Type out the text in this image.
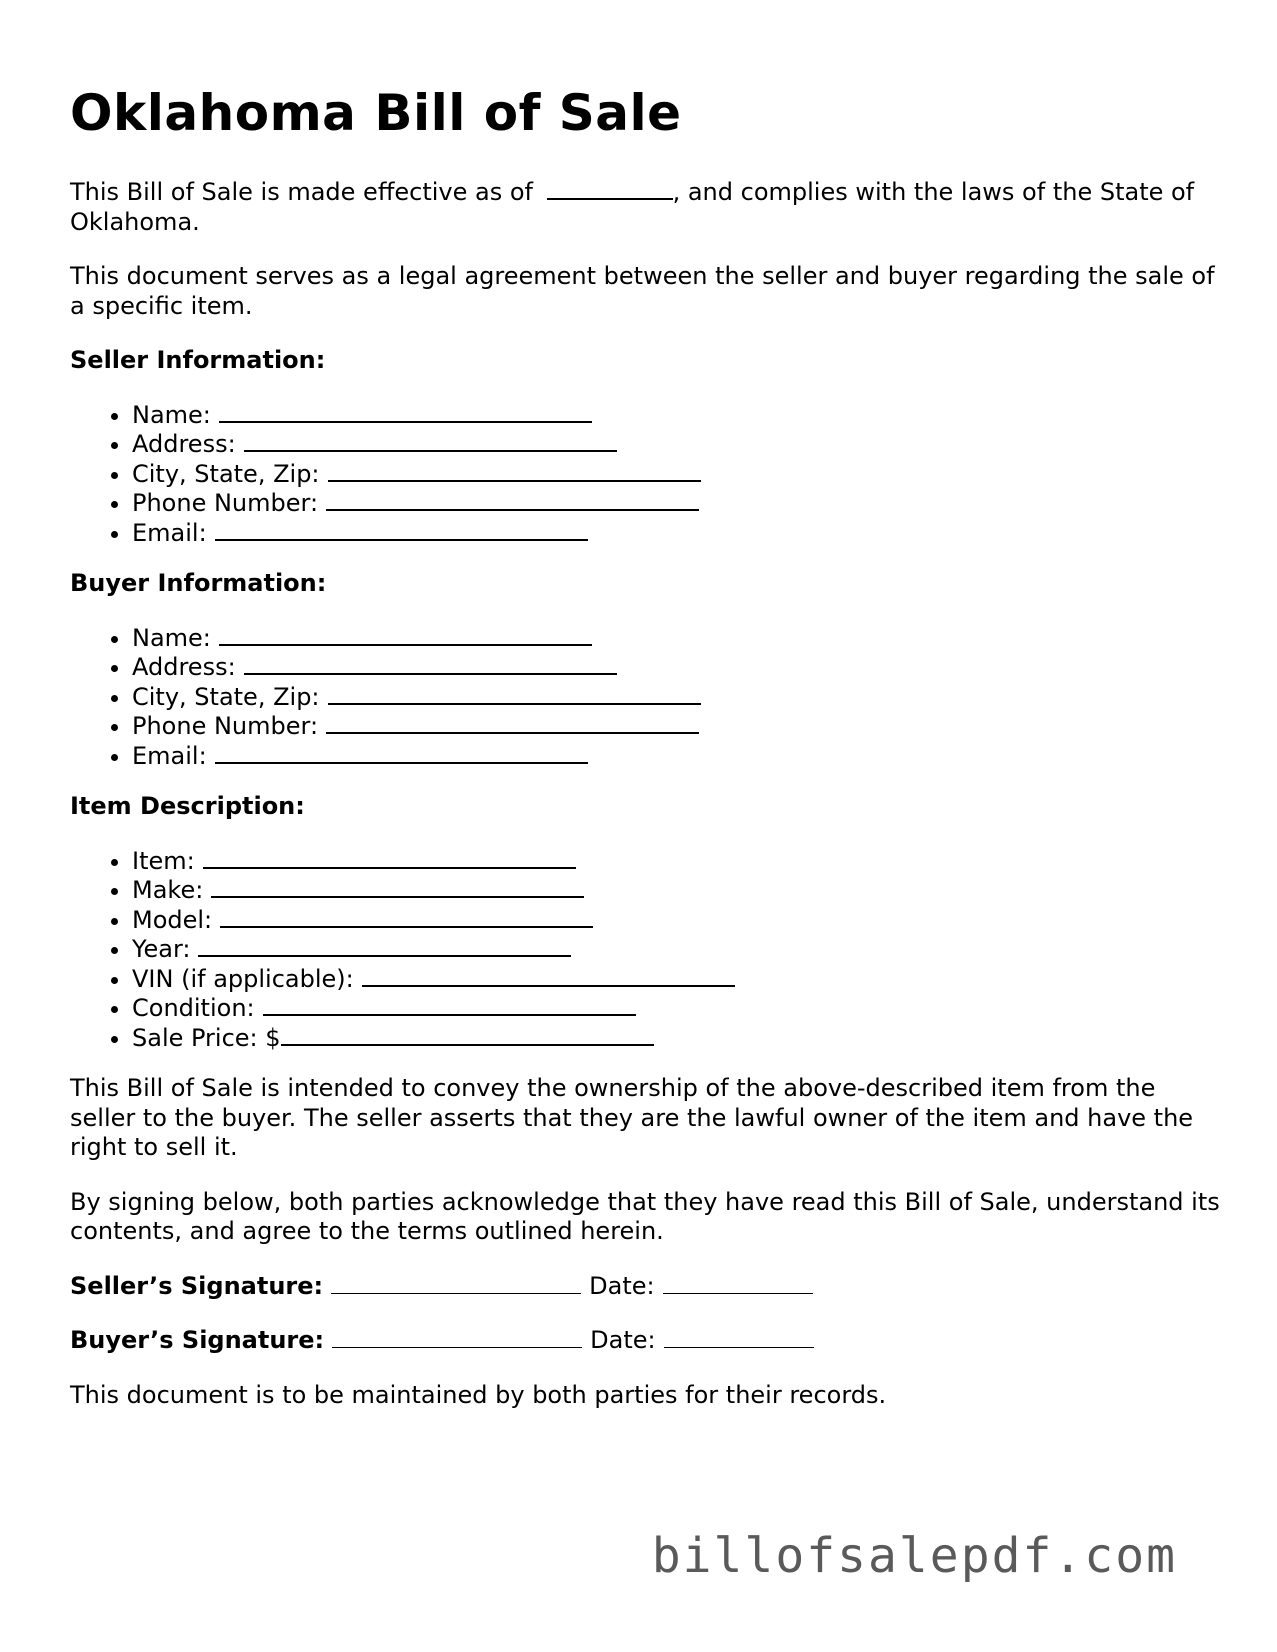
Oklahoma Bill of Sale

This Bill of Sale is made effective as of	, and complies with the laws of the State of Oklahoma.

This document serves as a legal agreement between the seller and buyer regarding the sale of a specific item.

Seller Information:
• Name:
• Address:
• City, State, Zip:
• Phone Number:
• Email:
Buyer Information:
• Name:
• Address:
• City, State, Zip:
• Phone Number:
• Email:
Item Description:
• Item:
• Make:
• Model:
• Year:
• VIN (if applicable):
• Condition:
• Sale Price: $

This Bill of Sale is intended to convey the ownership of the above-described item from the seller to the buyer. The seller asserts that they are the lawful owner of the item and have the right to sell it.

By signing below, both parties acknowledge that they have read this Bill of Sale, understand its contents, and agree to the terms outlined herein.

Seller’s Signature:	Date:
Buyer’s Signature:	Date:

This document is to be maintained by both parties for their records.

billofsalepdf.com
